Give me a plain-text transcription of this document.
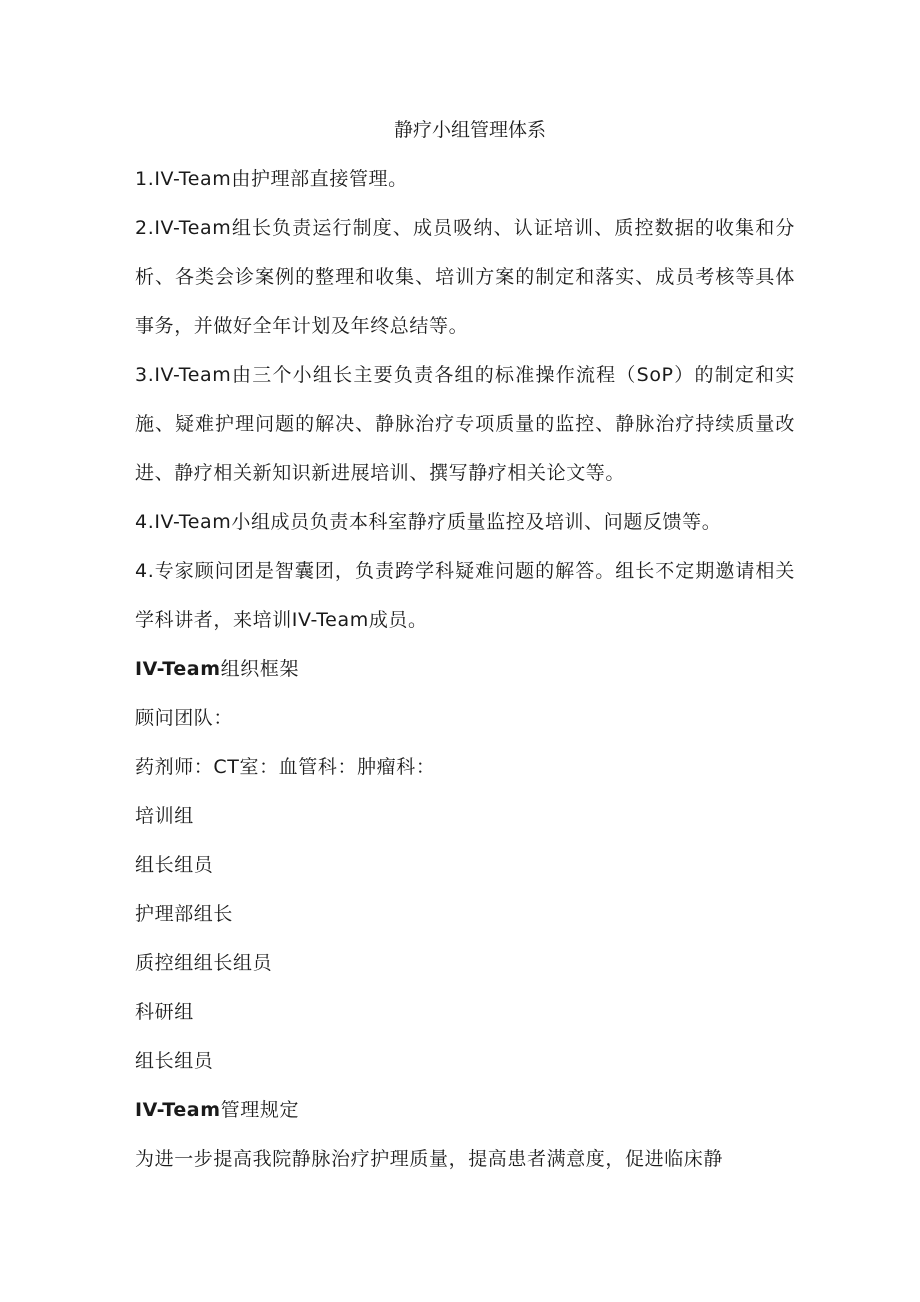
静疗小组管理体系

1.IV-Team由护理部直接管理。

2.IV-Team组长负责运行制度、成员吸纳、认证培训、质控数据的收集和分析、各类会诊案例的整理和收集、培训方案的制定和落实、成员考核等具体事务，并做好全年计划及年终总结等。

3.IV-Team由三个小组长主要负责各组的标准操作流程（SoP）的制定和实施、疑难护理问题的解决、静脉治疗专项质量的监控、静脉治疗持续质量改进、静疗相关新知识新进展培训、撰写静疗相关论文等。

4.IV-Team小组成员负责本科室静疗质量监控及培训、问题反馈等。

4.专家顾问团是智囊团，负责跨学科疑难问题的解答。组长不定期邀请相关学科讲者，来培训IV-Team成员。

IV-Team组织框架
顾问团队：
药剂师：CT室：血管科：肿瘤科：
培训组
组长组员
护理部组长
质控组组长组员
科研组
组长组员
IV-Team管理规定
为进一步提高我院静脉治疗护理质量，提高患者满意度，促进临床静
